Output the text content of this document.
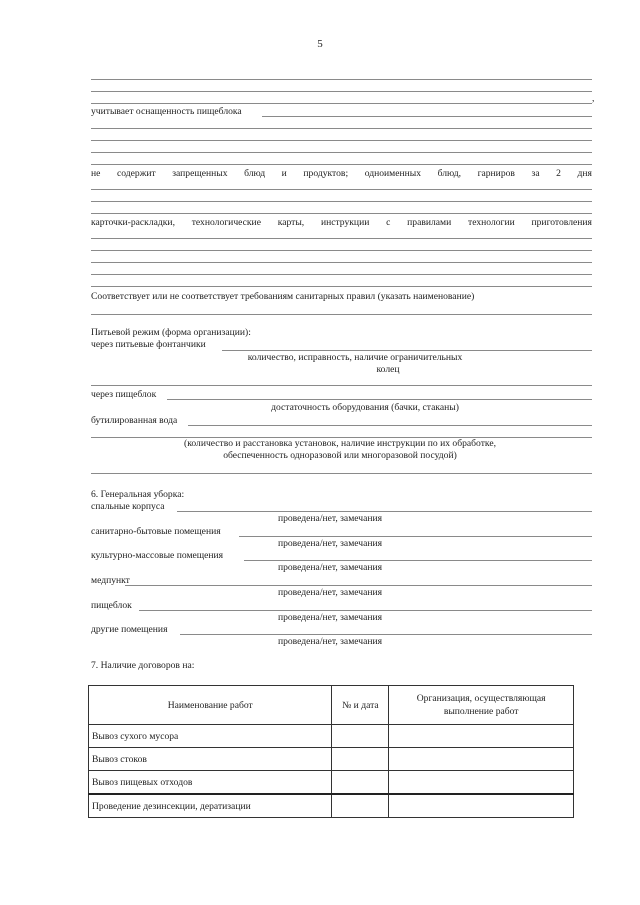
5
,
учитывает оснащенность пищеблока
не содержит запрещенных блюд и продуктов; одноименных блюд, гарниров за 2 дня
карточки-раскладки, технологические карты, инструкции с правилами технологии приготовления
Соответствует или не соответствует требованиям санитарных правил (указать наименование)
Питьевой режим (форма организации):
через питьевые фонтанчики
количество, исправность, наличие ограничительных
колец
через пищеблок
достаточность оборудования (бачки, стаканы)
бутилированная вода
(количество и расстановка установок, наличие инструкции по их обработке,
обеспеченность одноразовой или многоразовой посудой)
6. Генеральная уборка:
спальные корпуса
проведена/нет, замечания
санитарно-бытовые помещения
проведена/нет, замечания
культурно-массовые помещения
проведена/нет, замечания
медпункт
проведена/нет, замечания
пищеблок
проведена/нет, замечания
другие помещения
проведена/нет, замечания
7. Наличие договоров на:
Наименование работ	№ и дата	Организация, осуществляющая выполнение работ
Вывоз сухого мусора		
Вывоз стоков		
Вывоз пищевых отходов		
Проведение дезинсекции, дератизации		
